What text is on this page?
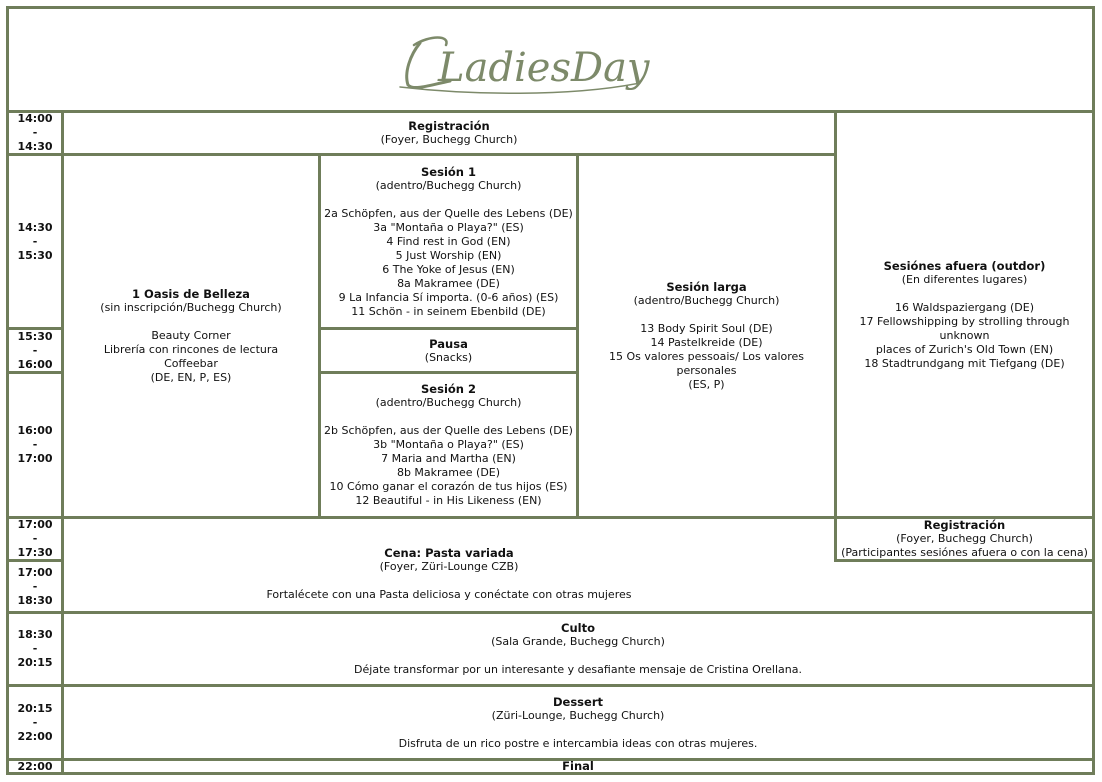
LadiesDay
14:00
-
14:30
14:30
-
15:30
15:30
-
16:00
16:00
-
17:00
17:00
-
17:30
17:00
-
18:30
18:30
-
20:15
20:15
-
22:00
22:00
Registración
(Foyer, Buchegg Church)
1 Oasis de Belleza
(sin inscripción/Buchegg Church)
Beauty Corner
Librería con rincones de lectura
Coffeebar
(DE, EN, P, ES)
Sesión 1
(adentro/Buchegg Church)
2a Schöpfen, aus der Quelle des Lebens (DE)
3a "Montaña o Playa?" (ES)
4 Find rest in God (EN)
5 Just Worship (EN)
6 The Yoke of Jesus (EN)
8a Makramee (DE)
9 La Infancia Sí importa. (0-6 años) (ES)
11 Schön - in seinem Ebenbild (DE)
Pausa
(Snacks)
Sesión 2
(adentro/Buchegg Church)
2b Schöpfen, aus der Quelle des Lebens (DE)
3b "Montaña o Playa?" (ES)
7 Maria and Martha (EN)
8b Makramee (DE)
10 Cómo ganar el corazón de tus hijos (ES)
12 Beautiful - in His Likeness (EN)
Sesión larga
(adentro/Buchegg Church)
13 Body Spirit Soul (DE)
14 Pastelkreide (DE)
15 Os valores pessoais/ Los valores personales
(ES, P)
Sesiónes afuera (outdor)
(En diferentes lugares)
16 Waldspaziergang (DE)
17 Fellowshipping by strolling through unknown
places of Zurich's Old Town (EN)
18 Stadtrundgang mit Tiefgang (DE)
Registración
(Foyer, Buchegg Church)
(Participantes sesiónes afuera o con la cena)
Cena: Pasta variada
(Foyer, Züri-Lounge CZB)
Fortalécete con una Pasta deliciosa y conéctate con otras mujeres
Culto
(Sala Grande, Buchegg Church)
Déjate transformar por un interesante y desafiante mensaje de Cristina Orellana.
Dessert
(Züri-Lounge, Buchegg Church)
Disfruta de un rico postre e intercambia ideas con otras mujeres.
Final
